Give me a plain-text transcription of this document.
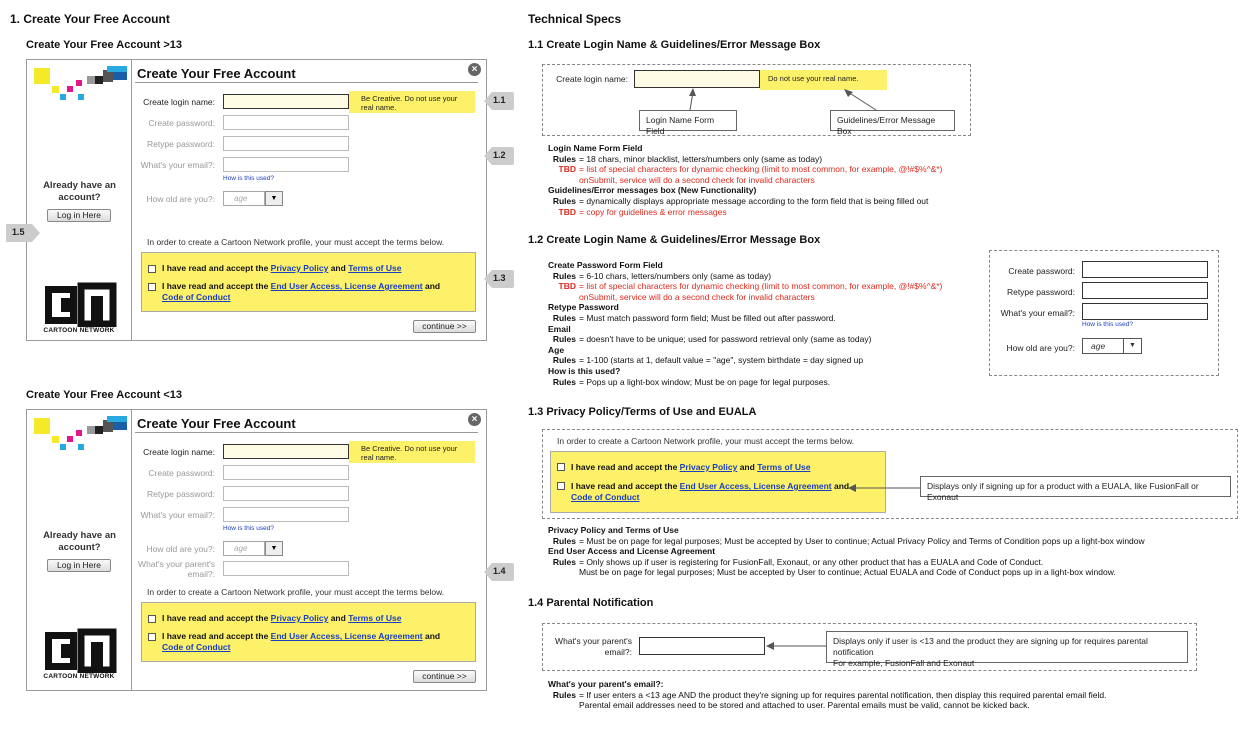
1. Create Your Free Account
Create Your Free Account >13
Create Your Free Account <13
Already have an account?
Log in Here
CARTOON NETWORK
Create Your Free Account	×
Create login name:	Be Creative. Do not use your real name.
Create password:
Retype password:
What's your email?:
How is this used?
How old are you?:	age	▼
In order to create a Cartoon Network profile, your must accept the terms below.
I have read and accept the Privacy Policy and Terms of Use
I have read and accept the End User Access, License Agreement and
Code of Conduct
continue >>
Already have an account?
Log in Here
CARTOON NETWORK
Create Your Free Account	×
Create login name:	Be Creative. Do not use your real name.
Create password:
Retype password:
What's your email?:
How is this used?
How old are you?:	age	▼
What's your parent's email?:
In order to create a Cartoon Network profile, your must accept the terms below.
I have read and accept the Privacy Policy and Terms of Use
I have read and accept the End User Access, License Agreement and
Code of Conduct
continue >>
1.1
1.2
1.3
1.4
1.5
Technical Specs
1.1 Create Login Name & Guidelines/Error Message Box
Create login name:	Do not use your real name.
Login Name Form Field
Guidelines/Error Message Box
Login Name Form Field
Rules = 18 chars, minor blacklist, letters/numbers only (same as today)
TBD = list of special characters for dynamic checking (limit to most common, for example, @!#$%^&*)
onSubmit, service will do a second check for invalid characters
Guidelines/Error messages box (New Functionality)
Rules = dynamically displays appropriate message according to the form field that is being filled out
TBD = copy for guidelines & error messages
1.2 Create Login Name & Guidelines/Error Message Box
Create Password Form Field
Rules = 6-10 chars, letters/numbers only (same as today)
TBD = list of special characters for dynamic checking (limit to most common, for example, @!#$%^&*)
onSubmit, service will do a second check for invalid characters
Retype Password
Rules = Must match password form field; Must be filled out after password.
Email
Rules = doesn't have to be unique; used for password retrieval only (same as today)
Age
Rules = 1-100 (starts at 1, default value = "age", system birthdate = day signed up
How is this used?
Rules = Pops up a light-box window; Must be on page for legal purposes.
Create password:
Retype password:
What's your email?:
How is this used?
How old are you?:	age	▼
1.3 Privacy Policy/Terms of Use and EUALA
In order to create a Cartoon Network profile, your must accept the terms below.
I have read and accept the Privacy Policy and Terms of Use
I have read and accept the End User Access, License Agreement and
Code of Conduct
Displays only if signing up for a product with a EUALA, like FusionFall or Exonaut
Privacy Policy and Terms of Use
Rules = Must be on page for legal purposes; Must be accepted by User to continue; Actual Privacy Policy and Terms of Condition pops up a light-box window
End User Access and License Agreement
Rules = Only shows up if user is registering for FusionFall, Exonaut, or any other product that has a EUALA and Code of Conduct.
Must be on page for legal purposes; Must be accepted by User to continue; Actual EUALA and Code of Conduct pops up in a light-box window.
1.4 Parental Notification
What's your parent's email?:
Displays only if user is <13 and the product they are signing up for requires parental notification
For example, FusionFall and Exonaut
What's your parent's email?:
Rules = If user enters a <13 age AND the product they're signing up for requires parental notification, then display this required parental email field.
Parental email addresses need to be stored and attached to user. Parental emails must be valid, cannot be kicked back.
